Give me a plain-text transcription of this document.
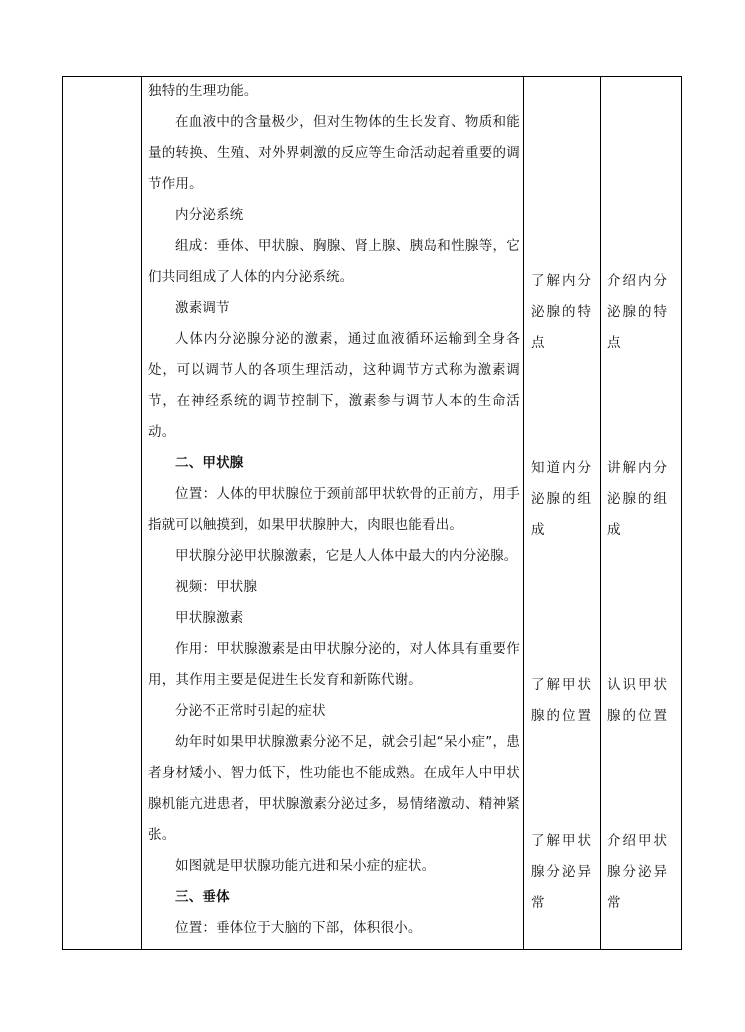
独特的生理功能。

在血液中的含量极少，但对生物体的生长发育、物质和能量的转换、生殖、对外界刺激的反应等生命活动起着重要的调节作用。

内分泌系统

组成：垂体、甲状腺、胸腺、肾上腺、胰岛和性腺等，它们共同组成了人体的内分泌系统。

激素调节

人体内分泌腺分泌的激素，通过血液循环运输到全身各处，可以调节人的各项生理活动，这种调节方式称为激素调节，在神经系统的调节控制下，激素参与调节人本的生命活动。

二、甲状腺

位置：人体的甲状腺位于颈前部甲状软骨的正前方，用手指就可以触摸到，如果甲状腺肿大，肉眼也能看出。

甲状腺分泌甲状腺激素，它是人人体中最大的内分泌腺。

视频：甲状腺

甲状腺激素

作用：甲状腺激素是由甲状腺分泌的，对人体具有重要作用，其作用主要是促进生长发育和新陈代谢。

分泌不正常时引起的症状

幼年时如果甲状腺激素分泌不足，就会引起“呆小症”，患者身材矮小、智力低下，性功能也不能成熟。在成年人中甲状腺机能亢进患者，甲状腺激素分泌过多，易情绪激动、精神紧张。

如图就是甲状腺功能亢进和呆小症的症状。

三、垂体

位置：垂体位于大脑的下部，体积很小。

了解内分泌腺的特点
知道内分泌腺的组成
了解甲状腺的位置
了解甲状腺分泌异常
介绍内分泌腺的特点
讲解内分泌腺的组成
认识甲状腺的位置
介绍甲状腺分泌异常
